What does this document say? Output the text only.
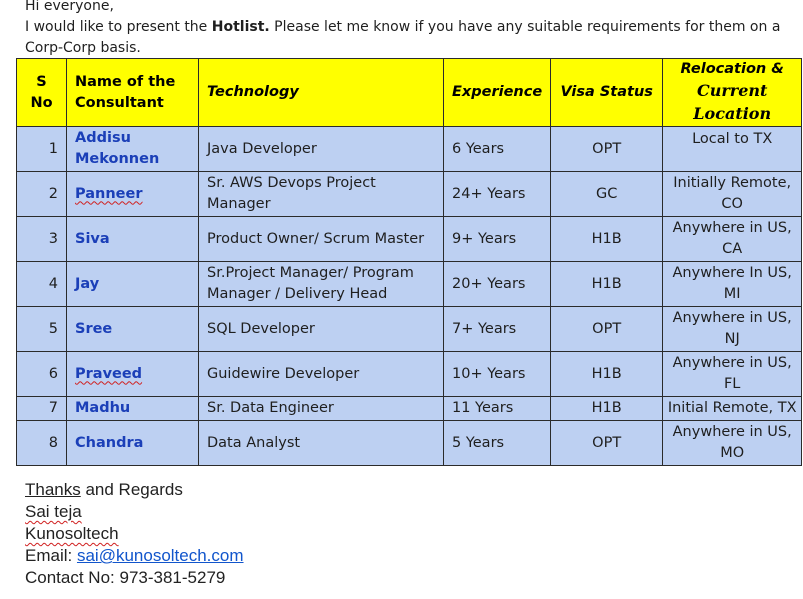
Hi everyone,

I would like to present the Hotlist. Please let me know if you have any suitable requirements for them on a

Corp-Corp basis.

S No	Name of the
Consultant	Technology	Experience	Visa Status	Relocation &
Current Location
1	Addisu
Mekonnen	Java Developer	6 Years	OPT	Local to TX
2	Panneer	Sr. AWS Devops Project
Manager	24+ Years	GC	Initially Remote,
CO
3	Siva	Product Owner/ Scrum Master	9+ Years	H1B	Anywhere in US,
CA
4	Jay	Sr.Project Manager/ Program
Manager / Delivery Head	20+ Years	H1B	Anywhere In US,
MI
5	Sree	SQL Developer	7+ Years	OPT	Anywhere in US,
NJ
6	Praveed	Guidewire Developer	10+ Years	H1B	Anywhere in US,
FL
7	Madhu	Sr. Data Engineer	11 Years	H1B	Initial Remote, TX
8	Chandra	Data Analyst	5 Years	OPT	Anywhere in US,
MO

Thanks and Regards

Sai teja

Kunosoltech

Email: sai@kunosoltech.com

Contact No: 973-381-5279
